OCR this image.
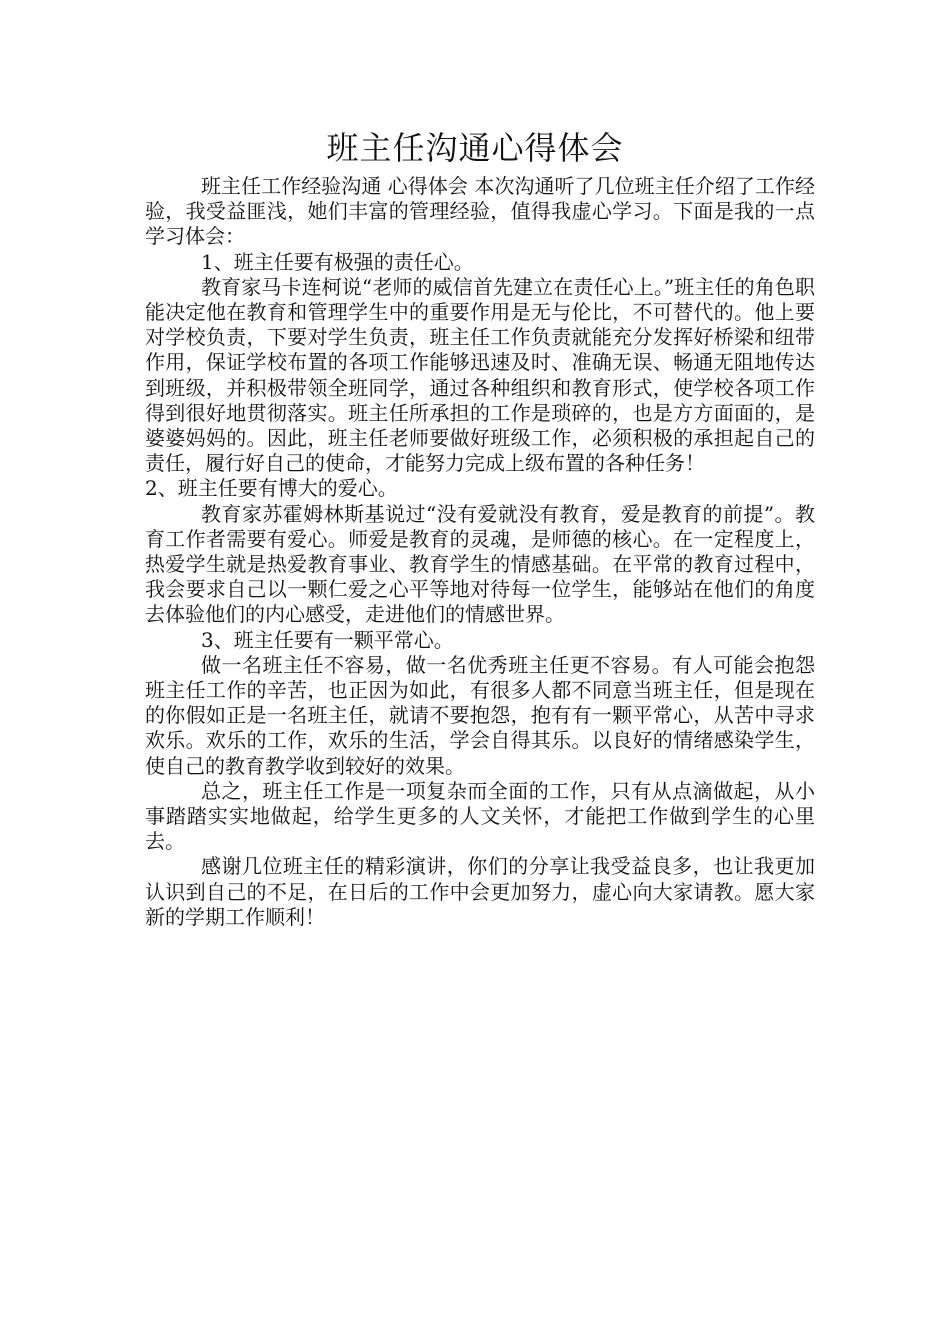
班主任沟通心得体会

班主任工作经验沟通 心得体会 本次沟通听了几位班主任介绍了工作经验，我受益匪浅，她们丰富的管理经验，值得我虚心学习。下面是我的一点学习体会：

1、班主任要有极强的责任心。

教育家马卡连柯说“老师的威信首先建立在责任心上。”班主任的角色职能决定他在教育和管理学生中的重要作用是无与伦比，不可替代的。他上要对学校负责，下要对学生负责，班主任工作负责就能充分发挥好桥梁和纽带作用，保证学校布置的各项工作能够迅速及时、准确无误、畅通无阻地传达到班级，并积极带领全班同学，通过各种组织和教育形式，使学校各项工作得到很好地贯彻落实。班主任所承担的工作是琐碎的，也是方方面面的，是婆婆妈妈的。因此，班主任老师要做好班级工作，必须积极的承担起自己的责任，履行好自己的使命，才能努力完成上级布置的各种任务！

2、班主任要有博大的爱心。

教育家苏霍姆林斯基说过“没有爱就没有教育，爱是教育的前提”。教育工作者需要有爱心。师爱是教育的灵魂，是师德的核心。在一定程度上，热爱学生就是热爱教育事业、教育学生的情感基础。在平常的教育过程中，我会要求自己以一颗仁爱之心平等地对待每一位学生，能够站在他们的角度去体验他们的内心感受，走进他们的情感世界。

3、班主任要有一颗平常心。

做一名班主任不容易，做一名优秀班主任更不容易。有人可能会抱怨班主任工作的辛苦，也正因为如此，有很多人都不同意当班主任，但是现在的你假如正是一名班主任，就请不要抱怨，抱有有一颗平常心，从苦中寻求欢乐。欢乐的工作，欢乐的生活，学会自得其乐。以良好的情绪感染学生，使自己的教育教学收到较好的效果。

总之，班主任工作是一项复杂而全面的工作，只有从点滴做起，从小事踏踏实实地做起，给学生更多的人文关怀，才能把工作做到学生的心里去。

感谢几位班主任的精彩演讲，你们的分享让我受益良多，也让我更加认识到自己的不足，在日后的工作中会更加努力，虚心向大家请教。愿大家新的学期工作顺利！
